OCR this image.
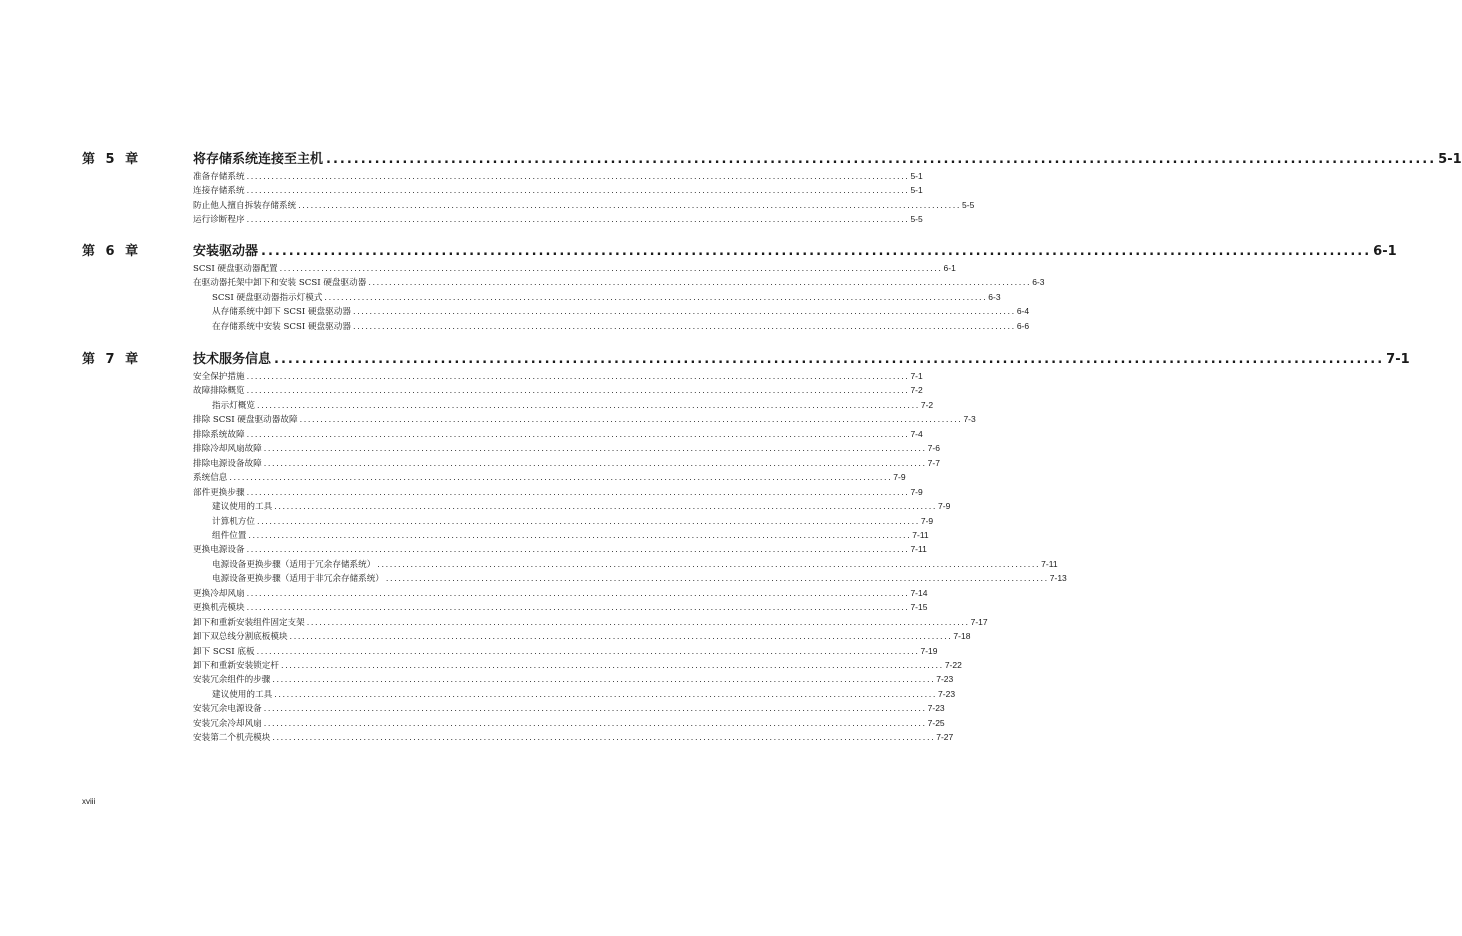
第 5 章	将存储系统连接至主机 ................................................................................................................................................................ 5-1
准备存储系统 ................................................................................................................................................................ 5-1
连接存储系统 ................................................................................................................................................................ 5-1
防止他人擅自拆装存储系统 ................................................................................................................................................................ 5-5
运行诊断程序 ................................................................................................................................................................ 5-5
第 6 章	安装驱动器 ................................................................................................................................................................ 6-1
SCSI 硬盘驱动器配置 ................................................................................................................................................................ 6-1
在驱动器托架中卸下和安装 SCSI 硬盘驱动器 ................................................................................................................................................................ 6-3
SCSI 硬盘驱动器指示灯模式 ................................................................................................................................................................ 6-3
从存储系统中卸下 SCSI 硬盘驱动器 ................................................................................................................................................................ 6-4
在存储系统中安装 SCSI 硬盘驱动器 ................................................................................................................................................................ 6-6
第 7 章	技术服务信息 ................................................................................................................................................................ 7-1
安全保护措施 ................................................................................................................................................................ 7-1
故障排除概览 ................................................................................................................................................................ 7-2
指示灯概览 ................................................................................................................................................................ 7-2
排除 SCSI 硬盘驱动器故障 ................................................................................................................................................................ 7-3
排除系统故障 ................................................................................................................................................................ 7-4
排除冷却风扇故障 ................................................................................................................................................................ 7-6
排除电源设备故障 ................................................................................................................................................................ 7-7
系统信息 ................................................................................................................................................................ 7-9
部件更换步骤 ................................................................................................................................................................ 7-9
建议使用的工具 ................................................................................................................................................................ 7-9
计算机方位 ................................................................................................................................................................ 7-9
组件位置 ................................................................................................................................................................ 7-11
更换电源设备 ................................................................................................................................................................ 7-11
电源设备更换步骤（适用于冗余存储系统） ................................................................................................................................................................ 7-11
电源设备更换步骤（适用于非冗余存储系统） ................................................................................................................................................................ 7-13
更换冷却风扇 ................................................................................................................................................................ 7-14
更换机壳模块 ................................................................................................................................................................ 7-15
卸下和重新安装组件固定支架 ................................................................................................................................................................ 7-17
卸下双总线分割底板模块 ................................................................................................................................................................ 7-18
卸下 SCSI 底板 ................................................................................................................................................................ 7-19
卸下和重新安装锁定杆 ................................................................................................................................................................ 7-22
安装冗余组件的步骤 ................................................................................................................................................................ 7-23
建议使用的工具 ................................................................................................................................................................ 7-23
安装冗余电源设备 ................................................................................................................................................................ 7-23
安装冗余冷却风扇 ................................................................................................................................................................ 7-25
安装第二个机壳模块 ................................................................................................................................................................ 7-27
xviii
